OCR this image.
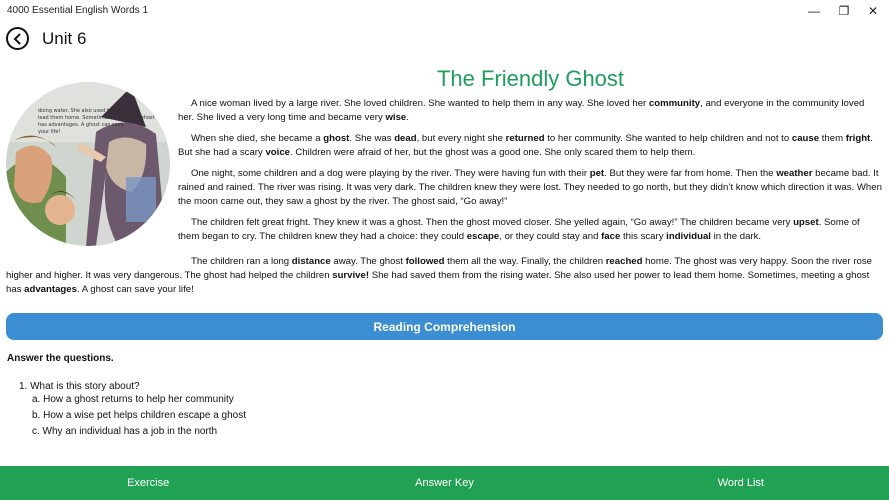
4000 Essential English Words 1	—	❐	✕
Unit 6
The Friendly Ghost
doing water. She also used her power to
lead them home. Sometimes, meeting a ghost
has advantages. A ghost can save
your life!

A nice woman lived by a large river. She loved children. She wanted to help them in any way. She loved her community, and everyone in the community loved her. She lived a very long time and became very wise.

When she died, she became a ghost. She was dead, but every night she returned to her community. She wanted to help children and not to cause them fright. But she had a scary voice. Children were afraid of her, but the ghost was a good one. She only scared them to help them.

One night, some children and a dog were playing by the river. They were having fun with their pet. But they were far from home. Then the weather became bad. It rained and rained. The river was rising. It was very dark. The children knew they were lost. They needed to go north, but they didn’t know which direction it was. When the moon came out, they saw a ghost by the river. The ghost said, “Go away!”

The children felt great fright. They knew it was a ghost. Then the ghost moved closer. She yelled again, “Go away!” The children became very upset. Some of them began to cry. The children knew they had a choice: they could escape, or they could stay and face this scary individual in the dark.

The children ran a long distance away. The ghost followed them all the way. Finally, the children reached home. The ghost was very happy. Soon the river rose higher and higher. It was very dangerous. The ghost had helped the children survive! She had saved them from the rising water. She also used her power to lead them home. Sometimes, meeting a ghost has advantages. A ghost can save your life!
Reading Comprehension
Answer the questions.
1. What is this story about?
a. How a ghost returns to help her community
b. How a wise pet helps children escape a ghost
c. Why an individual has a job in the north
Exercise	Answer Key	Word List
